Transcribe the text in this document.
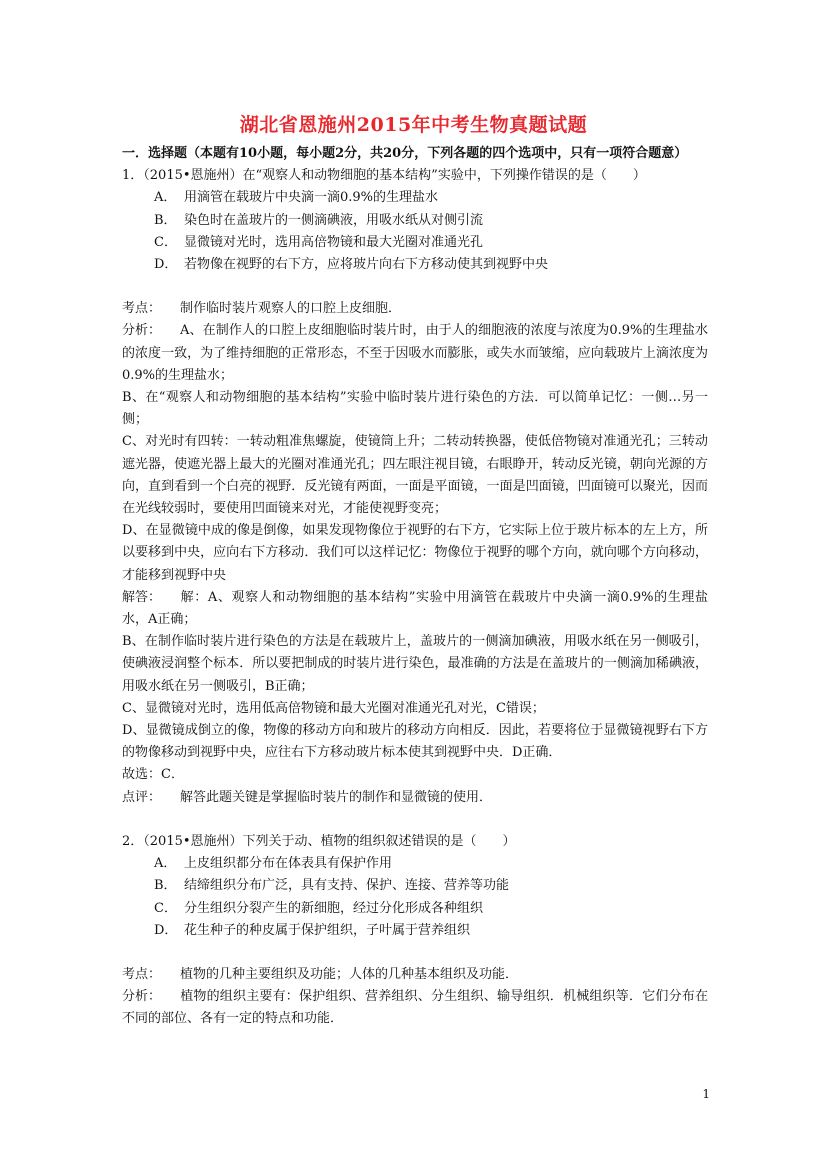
湖北省恩施州2015年中考生物真题试题

一．选择题（本题有10小题，每小题2分，共20分，下列各题的四个选项中，只有一项符合题意）

1．（2015•恩施州）在“观察人和动物细胞的基本结构”实验中，下列操作错误的是（　　）

A． 用滴管在载玻片中央滴一滴0.9%的生理盐水

B． 染色时在盖玻片的一侧滴碘液，用吸水纸从对侧引流

C． 显微镜对光时，选用高倍物镜和最大光圈对准通光孔

D． 若物像在视野的右下方，应将玻片向右下方移动使其到视野中央

考点： 制作临时装片观察人的口腔上皮细胞．

分析： A、在制作人的口腔上皮细胞临时装片时，由于人的细胞液的浓度与浓度为0.9%的生理盐水的浓度一致，为了维持细胞的正常形态，不至于因吸水而膨胀，或失水而皱缩，应向载玻片上滴浓度为0.9%的生理盐水；

B、在“观察人和动物细胞的基本结构”实验中临时装片进行染色的方法．可以简单记忆：一侧…另一侧；

C、对光时有四转：一转动粗准焦螺旋，使镜筒上升；二转动转换器，使低倍物镜对准通光孔；三转动遮光器，使遮光器上最大的光圈对准通光孔；四左眼注视目镜，右眼睁开，转动反光镜，朝向光源的方向，直到看到一个白亮的视野．反光镜有两面，一面是平面镜，一面是凹面镜，凹面镜可以聚光，因而在光线较弱时，要使用凹面镜来对光，才能使视野变亮；

D、在显微镜中成的像是倒像，如果发现物像位于视野的右下方，它实际上位于玻片标本的左上方，所以要移到中央，应向右下方移动．我们可以这样记忆：物像位于视野的哪个方向，就向哪个方向移动，才能移到视野中央

解答： 解：A、观察人和动物细胞的基本结构”实验中用滴管在载玻片中央滴一滴0.9%的生理盐水，A正确；

B、在制作临时装片进行染色的方法是在载玻片上，盖玻片的一侧滴加碘液，用吸水纸在另一侧吸引，使碘液浸润整个标本．所以要把制成的时装片进行染色，最准确的方法是在盖玻片的一侧滴加稀碘液，用吸水纸在另一侧吸引，B正确；

C、显微镜对光时，选用低高倍物镜和最大光圈对准通光孔对光，C错误；

D、显微镜成倒立的像，物像的移动方向和玻片的移动方向相反．因此，若要将位于显微镜视野右下方的物像移动到视野中央，应往右下方移动玻片标本使其到视野中央．D正确．

故选：C．

点评： 解答此题关键是掌握临时装片的制作和显微镜的使用．

2．（2015•恩施州）下列关于动、植物的组织叙述错误的是（　　）

A． 上皮组织都分布在体表具有保护作用

B． 结缔组织分布广泛，具有支持、保护、连接、营养等功能

C． 分生组织分裂产生的新细胞，经过分化形成各种组织

D． 花生种子的种皮属于保护组织，子叶属于营养组织

考点： 植物的几种主要组织及功能；人体的几种基本组织及功能．

分析： 植物的组织主要有：保护组织、营养组织、分生组织、输导组织．机械组织等．它们分布在不同的部位、各有一定的特点和功能．

1
